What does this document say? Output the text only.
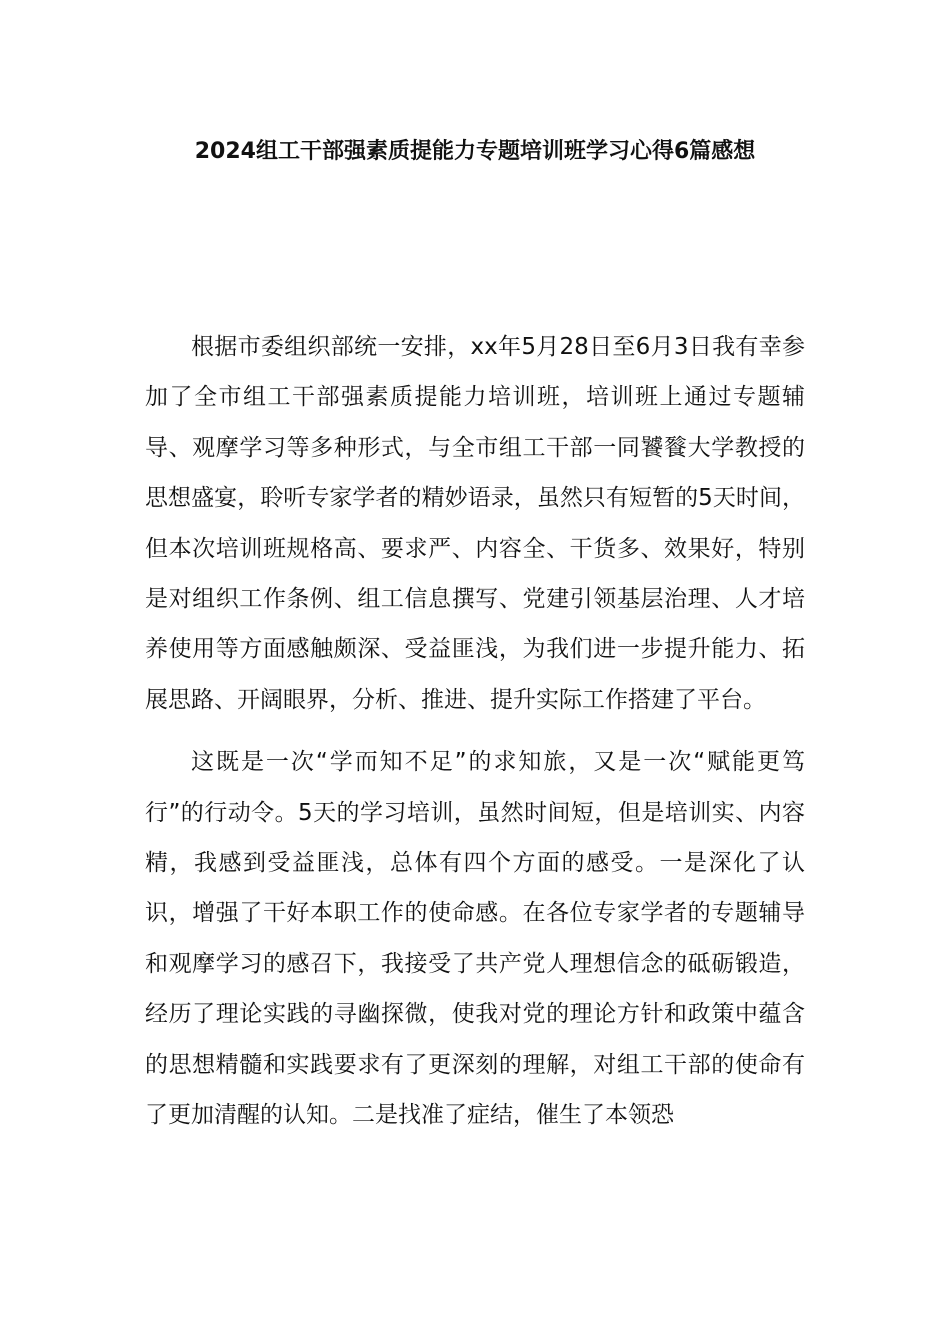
2024组工干部强素质提能力专题培训班学习心得6篇感想

根据市委组织部统一安排，xx年5月28日至6月3日我有幸参加了全市组工干部强素质提能力培训班，培训班上通过专题辅导、观摩学习等多种形式，与全市组工干部一同饕餮大学教授的思想盛宴，聆听专家学者的精妙语录，虽然只有短暂的5天时间，但本次培训班规格高、要求严、内容全、干货多、效果好，特别是对组织工作条例、组工信息撰写、党建引领基层治理、人才培养使用等方面感触颇深、受益匪浅，为我们进一步提升能力、拓展思路、开阔眼界，分析、推进、提升实际工作搭建了平台。

这既是一次“学而知不足”的求知旅，又是一次“赋能更笃行”的行动令。5天的学习培训，虽然时间短，但是培训实、内容精，我感到受益匪浅，总体有四个方面的感受。一是深化了认识，增强了干好本职工作的使命感。在各位专家学者的专题辅导和观摩学习的感召下，我接受了共产党人理想信念的砥砺锻造，经历了理论实践的寻幽探微，使我对党的理论方针和政策中蕴含的思想精髓和实践要求有了更深刻的理解，对组工干部的使命有了更加清醒的认知。二是找准了症结，催生了本领恐
